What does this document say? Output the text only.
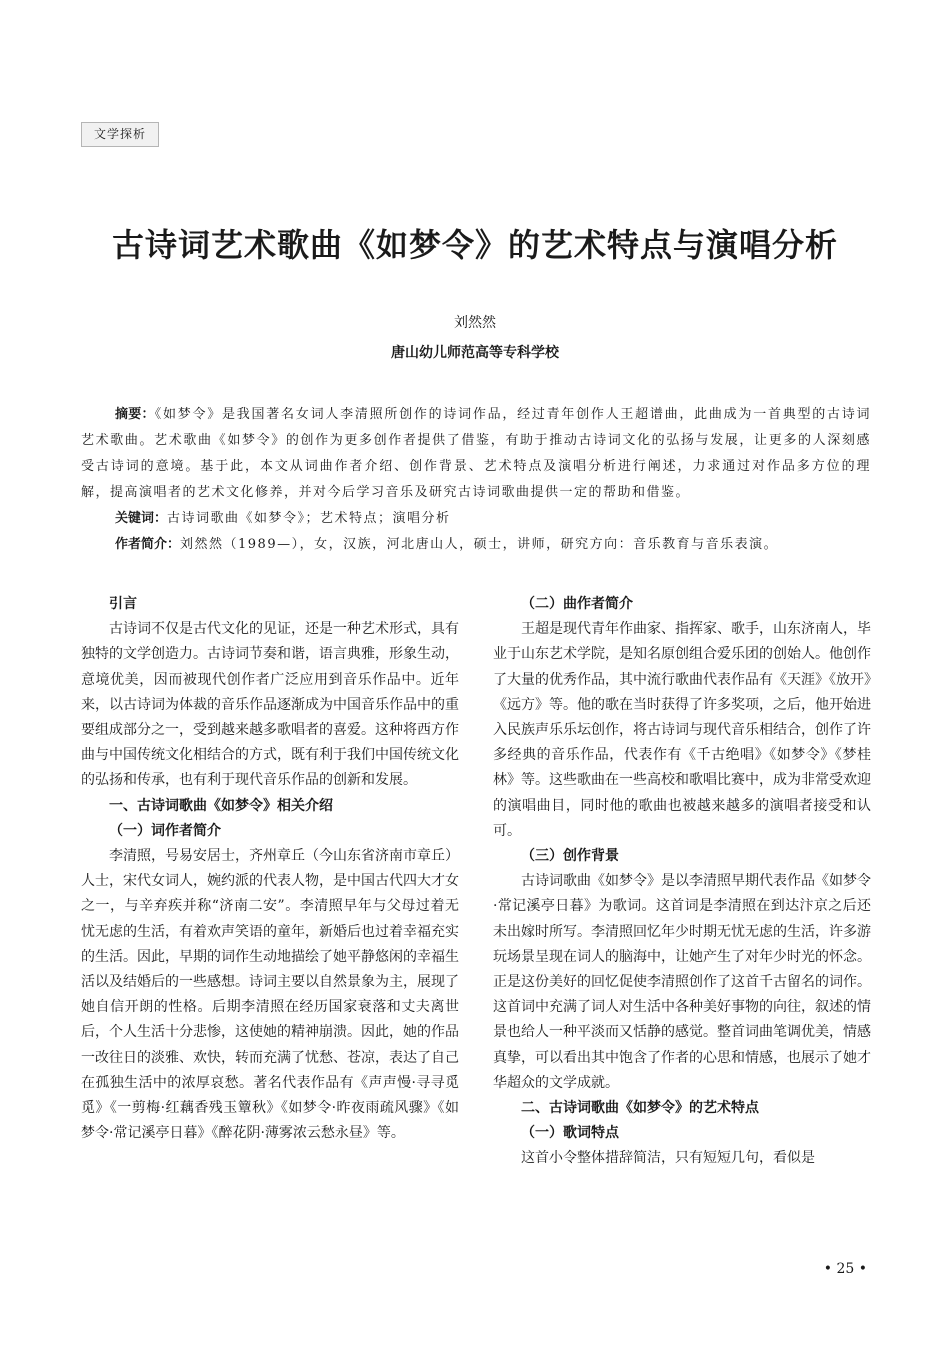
文学探析
古诗词艺术歌曲《如梦令》的艺术特点与演唱分析
刘然然
唐山幼儿师范高等专科学校

摘要：《如梦令》是我国著名女词人李清照所创作的诗词作品，经过青年创作人王超谱曲，此曲成为一首典型的古诗词艺术歌曲。艺术歌曲《如梦令》的创作为更多创作者提供了借鉴，有助于推动古诗词文化的弘扬与发展，让更多的人深刻感受古诗词的意境。基于此，本文从词曲作者介绍、创作背景、艺术特点及演唱分析进行阐述，力求通过对作品多方位的理解，提高演唱者的艺术文化修养，并对今后学习音乐及研究古诗词歌曲提供一定的帮助和借鉴。

关键词：古诗词歌曲《如梦令》；艺术特点；演唱分析

作者简介：刘然然（1989—），女，汉族，河北唐山人，硕士，讲师，研究方向：音乐教育与音乐表演。

引言

古诗词不仅是古代文化的见证，还是一种艺术形式，具有独特的文学创造力。古诗词节奏和谐，语言典雅，形象生动，意境优美，因而被现代创作者广泛应用到音乐作品中。近年来，以古诗词为体裁的音乐作品逐渐成为中国音乐作品中的重要组成部分之一，受到越来越多歌唱者的喜爱。这种将西方作曲与中国传统文化相结合的方式，既有利于我们中国传统文化的弘扬和传承，也有利于现代音乐作品的创新和发展。

一、古诗词歌曲《如梦令》相关介绍

（一）词作者简介

李清照，号易安居士，齐州章丘（今山东省济南市章丘）人士，宋代女词人，婉约派的代表人物，是中国古代四大才女之一，与辛弃疾并称“济南二安”。李清照早年与父母过着无忧无虑的生活，有着欢声笑语的童年，新婚后也过着幸福充实的生活。因此，早期的词作生动地描绘了她平静悠闲的幸福生活以及结婚后的一些感想。诗词主要以自然景象为主，展现了她自信开朗的性格。后期李清照在经历国家衰落和丈夫离世后，个人生活十分悲惨，这使她的精神崩溃。因此，她的作品一改往日的淡雅、欢快，转而充满了忧愁、苍凉，表达了自己在孤独生活中的浓厚哀愁。著名代表作品有《声声慢·寻寻觅觅》《一剪梅·红藕香残玉簟秋》《如梦令·昨夜雨疏风骤》《如梦令·常记溪亭日暮》《醉花阴·薄雾浓云愁永昼》等。

（二）曲作者简介

王超是现代青年作曲家、指挥家、歌手，山东济南人，毕业于山东艺术学院，是知名原创组合爱乐团的创始人。他创作了大量的优秀作品，其中流行歌曲代表作品有《天涯》《放开》《远方》等。他的歌在当时获得了许多奖项，之后，他开始进入民族声乐乐坛创作，将古诗词与现代音乐相结合，创作了许多经典的音乐作品，代表作有《千古绝唱》《如梦令》《梦桂林》等。这些歌曲在一些高校和歌唱比赛中，成为非常受欢迎的演唱曲目，同时他的歌曲也被越来越多的演唱者接受和认可。

（三）创作背景

古诗词歌曲《如梦令》是以李清照早期代表作品《如梦令·常记溪亭日暮》为歌词。这首词是李清照在到达汴京之后还未出嫁时所写。李清照回忆年少时期无忧无虑的生活，许多游玩场景呈现在词人的脑海中，让她产生了对年少时光的怀念。正是这份美好的回忆促使李清照创作了这首千古留名的词作。这首词中充满了词人对生活中各种美好事物的向往，叙述的情景也给人一种平淡而又恬静的感觉。整首词曲笔调优美，情感真挚，可以看出其中饱含了作者的心思和情感，也展示了她才华超众的文学成就。

二、古诗词歌曲《如梦令》的艺术特点

（一）歌词特点

这首小令整体措辞简洁，只有短短几句，看似是

• 25 •
